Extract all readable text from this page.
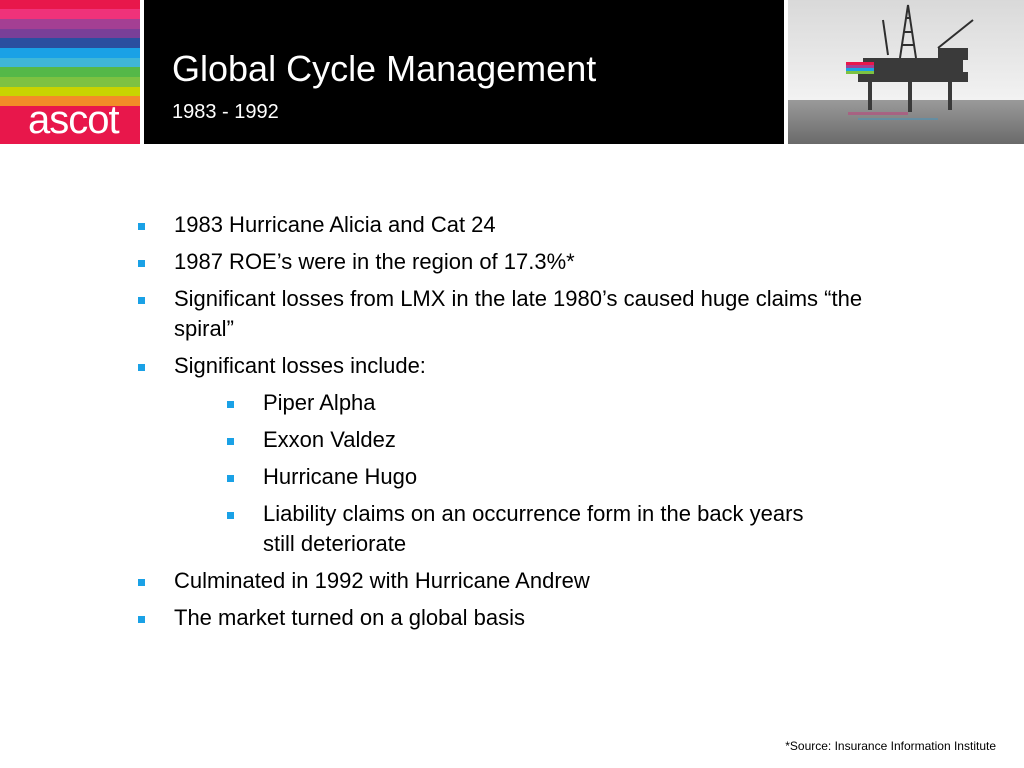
ascot
Global Cycle Management
1983 - 1992
1983 Hurricane Alicia and Cat 24
1987 ROE’s were in the region of 17.3%*
Significant losses from LMX in the late 1980’s caused huge claims “the spiral”
Significant losses include:
Piper Alpha
Exxon Valdez
Hurricane Hugo
Liability claims on an occurrence form in the back years still deteriorate
Culminated in 1992 with Hurricane Andrew
The market turned on a global basis
*Source: Insurance Information Institute
